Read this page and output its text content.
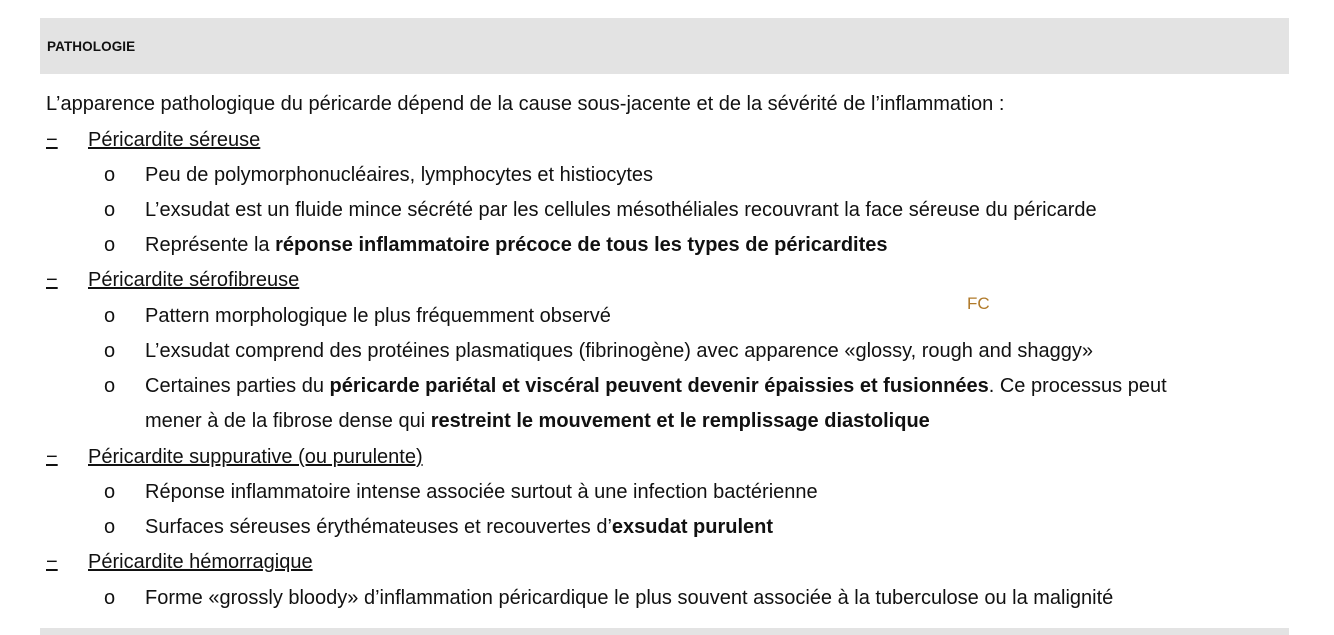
PATHOLOGIE
L’apparence pathologique du péricarde dépend de la cause sous-jacente et de la sévérité de l’inflammation :
− Péricardite séreuse
o Peu de polymorphonucléaires, lymphocytes et histiocytes
o L’exsudat est un fluide mince sécrété par les cellules mésothéliales recouvrant la face séreuse du péricarde
o Représente la réponse inflammatoire précoce de tous les types de péricardites
− Péricardite sérofibreuse
FC
o Pattern morphologique le plus fréquemment observé
o L’exsudat comprend des protéines plasmatiques (fibrinogène) avec apparence «glossy, rough and shaggy»
o Certaines parties du péricarde pariétal et viscéral peuvent devenir épaissies et fusionnées. Ce processus peut
mener à de la fibrose dense qui restreint le mouvement et le remplissage diastolique
− Péricardite suppurative (ou purulente)
o Réponse inflammatoire intense associée surtout à une infection bactérienne
o Surfaces séreuses érythémateuses et recouvertes d’exsudat purulent
− Péricardite hémorragique
o Forme «grossly bloody» d’inflammation péricardique le plus souvent associée à la tuberculose ou la malignité
